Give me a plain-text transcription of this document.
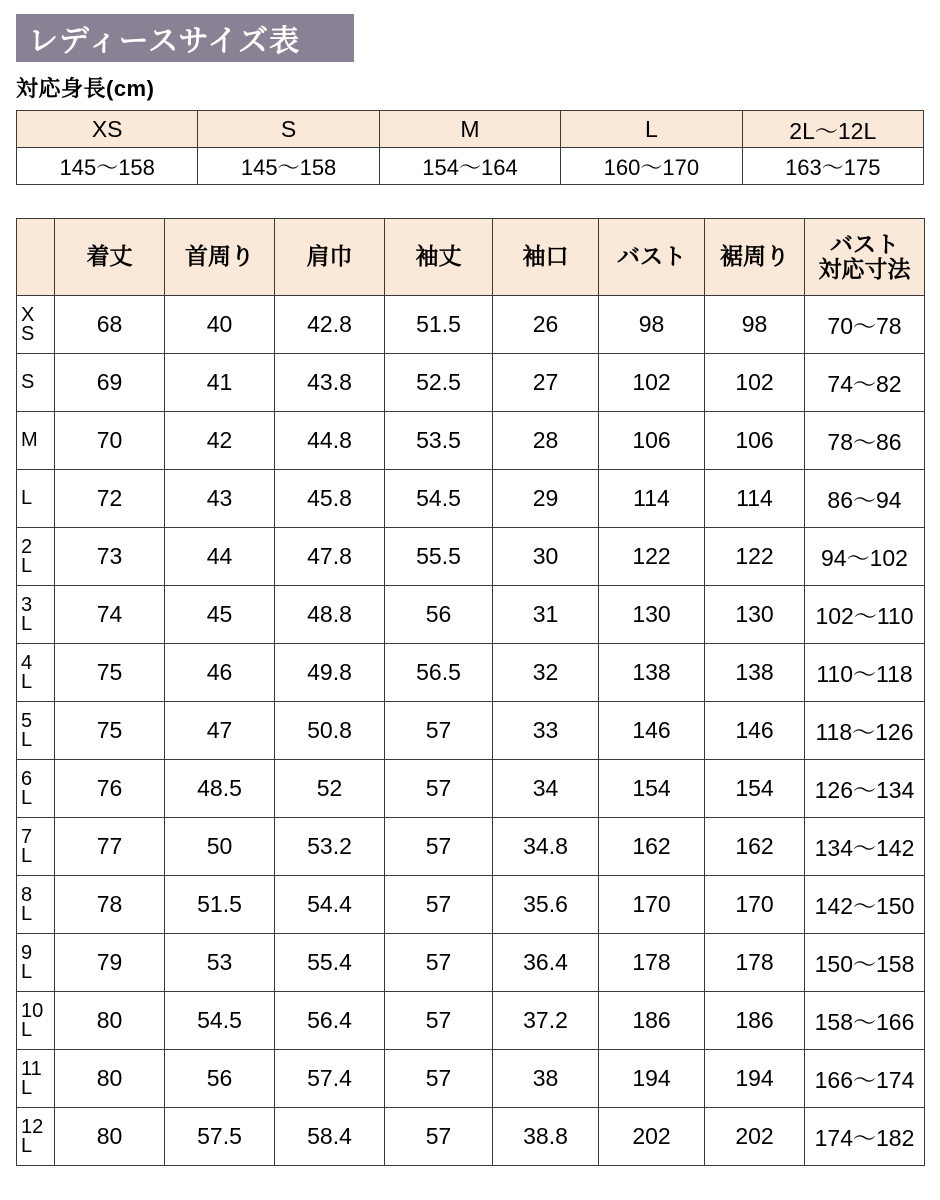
レディースサイズ表
対応身長(cm)
XS	S	M	L	2L〜12L
145〜158	145〜158	154〜164	160〜170	163〜175
	着丈	首周り	肩巾	袖丈	袖口	バスト	裾周り	バスト
対応寸法

X
S	68	40	42.8	51.5	26	98	98	70〜78

S	69	41	43.8	52.5	27	102	102	74〜82

M	70	42	44.8	53.5	28	106	106	78〜86

L	72	43	45.8	54.5	29	114	114	86〜94

2
L	73	44	47.8	55.5	30	122	122	94〜102

3
L	74	45	48.8	56	31	130	130	102〜110

4
L	75	46	49.8	56.5	32	138	138	110〜118

5
L	75	47	50.8	57	33	146	146	118〜126

6
L	76	48.5	52	57	34	154	154	126〜134

7
L	77	50	53.2	57	34.8	162	162	134〜142

8
L	78	51.5	54.4	57	35.6	170	170	142〜150

9
L	79	53	55.4	57	36.4	178	178	150〜158

10
L	80	54.5	56.4	57	37.2	186	186	158〜166

11
L	80	56	57.4	57	38	194	194	166〜174

12
L	80	57.5	58.4	57	38.8	202	202	174〜182
